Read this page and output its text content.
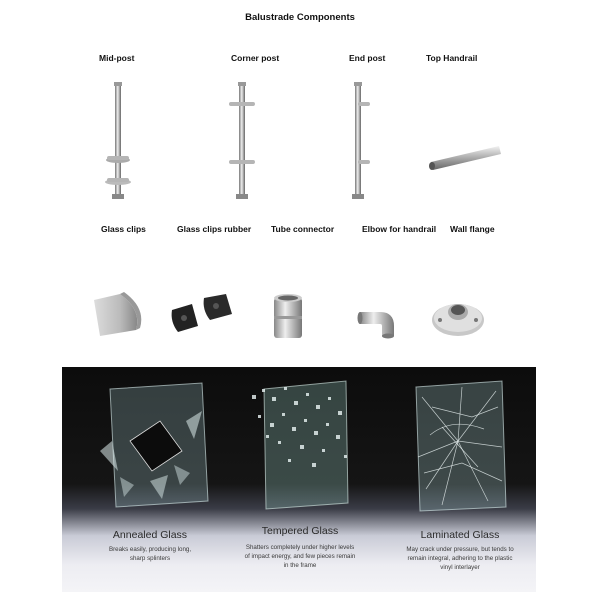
Balustrade Components
Mid-post	Corner post	End post	Top Handrail
Glass clips	Glass clips rubber Tube connector	Elbow for handrail Wall flange
Annealed Glass
Breaks easily, producing long,
sharp splinters
Tempered Glass
Shatters completely under higher levels
of impact energy, and few pieces remain
in the frame
Laminated Glass
May crack under pressure, but tends to
remain integral, adhering to the plastic
vinyl interlayer
